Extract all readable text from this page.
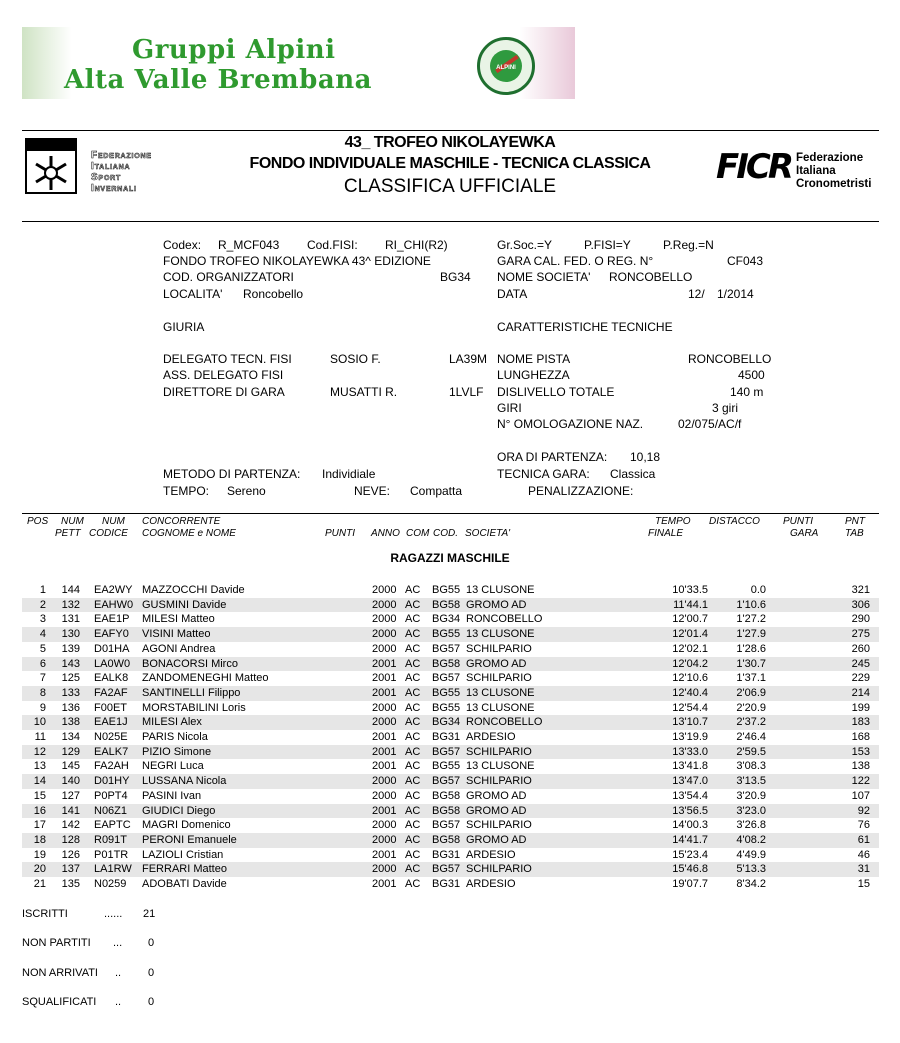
Gruppi Alpini
Alta Valle Brembana	ALPINI
Federazione
Italiana
Sport
Invernali
43_ TROFEO NIKOLAYEWKA
FONDO INDIVIDUALE MASCHILE - TECNICA CLASSICA
CLASSIFICA UFFICIALE	FICR Federazione
Italiana
Cronometristi
Codex: R_MCF043 Cod.FISI: RI_CHI(R2)	Gr.Soc.=Y	P.FISI=Y	P.Reg.=N
FONDO TROFEO NIKOLAYEWKA 43^ EDIZIONE	GARA CAL. FED. O REG. N°	CF043
COD. ORGANIZZATORI	BG34 NOME SOCIETA' RONCOBELLO
LOCALITA' Roncobello	DATA	12/ 1/2014
GIURIA	CARATTERISTICHE TECNICHE
DELEGATO TECN. FISI	SOSIO F.	LA39M NOME PISTA	RONCOBELLO
ASS. DELEGATO FISI	LUNGHEZZA	4500
DIRETTORE DI GARA	MUSATTI R.	1LVLF DISLIVELLO TOTALE	140 m
GIRI	3 giri
N° OMOLOGAZIONE NAZ.	02/075/AC/f
ORA DI PARTENZA: 10,18
METODO DI PARTENZA: Individiale	TECNICA GARA: Classica
TEMPO: Sereno	NEVE: Compatta	PENALIZZAZIONE:
POS NUM
PETT
NUM
CODICE
CONCORRENTE
COGNOME e NOME	PUNTI ANNO COM COD. SOCIETA'
TEMPO
FINALE
DISTACCO PUNTI
GARA
PNT
TAB
RAGAZZI MASCHILE
1	144 EA2WY MAZZOCCHI Davide	2000 AC	BG55 13 CLUSONE	10'33.5	0.0	321
2	132 EAHW0 GUSMINI Davide	2000 AC	BG58 GROMO AD	11'44.1	1'10.6	306
3	131 EAE1P	MILESI Matteo	2000 AC	BG34 RONCOBELLO	12'00.7	1'27.2	290
4	130 EAFY0	VISINI Matteo	2000 AC	BG55 13 CLUSONE	12'01.4	1'27.9	275
5	139 D01HA	AGONI Andrea	2000 AC	BG57 SCHILPARIO	12'02.1	1'28.6	260
6	143 LA0W0	BONACORSI Mirco	2001 AC	BG58 GROMO AD	12'04.2	1'30.7	245
7	125 EALK8	ZANDOMENEGHI Matteo	2001 AC	BG57 SCHILPARIO	12'10.6	1'37.1	229
8	133 FA2AF	SANTINELLI Filippo	2001 AC	BG55 13 CLUSONE	12'40.4	2'06.9	214
9	136 F00ET	MORSTABILINI Loris	2000 AC	BG55 13 CLUSONE	12'54.4	2'20.9	199
10	138 EAE1J	MILESI Alex	2000 AC	BG34 RONCOBELLO	13'10.7	2'37.2	183
11	134 N025E	PARIS Nicola	2001 AC	BG31 ARDESIO	13'19.9	2'46.4	168
12	129 EALK7	PIZIO Simone	2001 AC	BG57 SCHILPARIO	13'33.0	2'59.5	153
13	145 FA2AH	NEGRI Luca	2001 AC	BG55 13 CLUSONE	13'41.8	3'08.3	138
14	140 D01HY	LUSSANA Nicola	2000 AC	BG57 SCHILPARIO	13'47.0	3'13.5	122
15	127 P0PT4	PASINI Ivan	2000 AC	BG58 GROMO AD	13'54.4	3'20.9	107
16	141 N06Z1	GIUDICI Diego	2001 AC	BG58 GROMO AD	13'56.5	3'23.0	92
17	142 EAPTC	MAGRI Domenico	2000 AC	BG57 SCHILPARIO	14'00.3	3'26.8	76
18	128 R091T	PERONI Emanuele	2000 AC	BG58 GROMO AD	14'41.7	4'08.2	61
19	126 P01TR	LAZIOLI Cristian	2001 AC	BG31 ARDESIO	15'23.4	4'49.9	46
20	137 LA1RW FERRARI Matteo	2000 AC	BG57 SCHILPARIO	15'46.8	5'13.3	31
21	135 N0259	ADOBATI Davide	2001 AC	BG31 ARDESIO	19'07.7	8'34.2	15
ISCRITTI	...... 21
NON PARTITI ... 0
NON ARRIVATI .. 0
SQUALIFICATI .. 0
